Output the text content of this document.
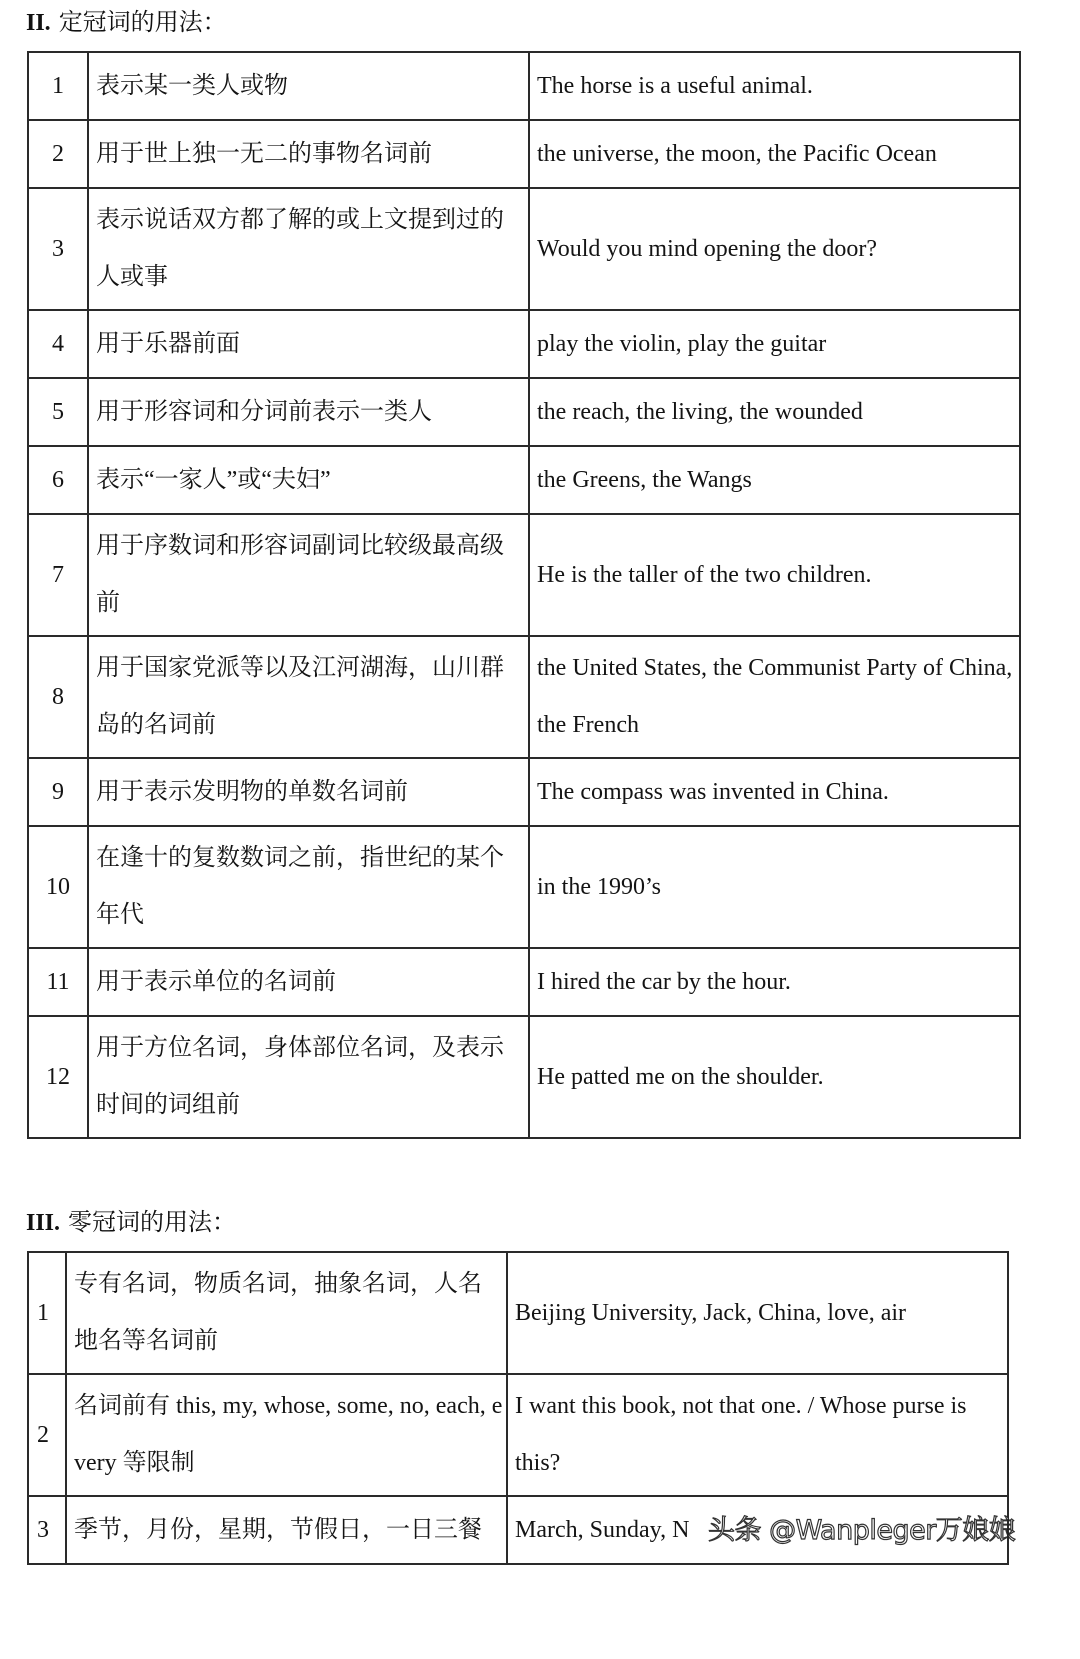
II. 定冠词的用法：
1	表示某一类人或物	The horse is a useful animal.
2	用于世上独一无二的事物名词前	the universe, the moon, the Pacific Ocean
3	表示说话双方都了解的或上文提到过的人或事	Would you mind opening the door?
4	用于乐器前面	play the violin, play the guitar
5	用于形容词和分词前表示一类人	the reach, the living, the wounded
6	表示“一家人”或“夫妇”	the Greens, the Wangs
7	用于序数词和形容词副词比较级最高级前	He is the taller of the two children.
8	用于国家党派等以及江河湖海，山川群岛的名词前	the United States, the Communist Party of China, the French
9	用于表示发明物的单数名词前	The compass was invented in China.
10	在逢十的复数数词之前，指世纪的某个年代	in the 1990’s
11	用于表示单位的名词前	I hired the car by the hour.
12	用于方位名词，身体部位名词，及表示时间的词组前	He patted me on the shoulder.
III. 零冠词的用法：
1	专有名词，物质名词，抽象名词，人名地名等名词前	Beijing University, Jack, China, love, air
2	名词前有 this, my, whose, some, no, each, every 等限制	I want this book, not that one. / Whose purse is this?
3	季节，月份，星期，节假日，一日三餐	March, Sunday, N 头条 @Wanpleger万娘娘
